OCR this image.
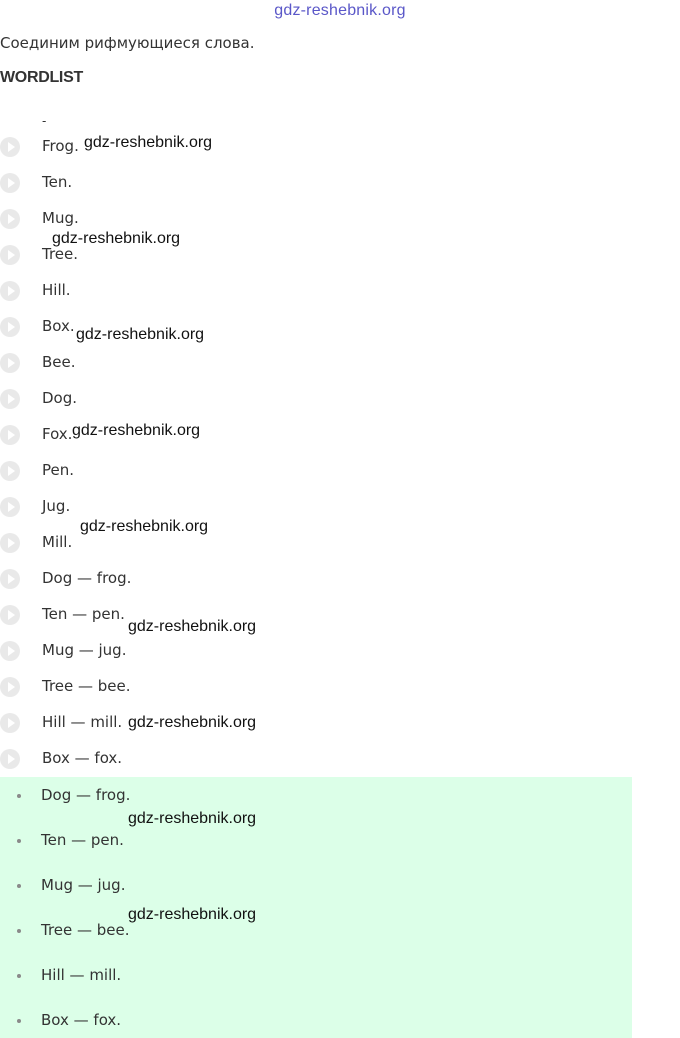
gdz-reshebnik.org
Соединим рифмующиеся слова.
WORDLIST
-
Frog.
Ten.
Mug.
Tree.
Hill.
Box.
Bee.
Dog.
Fox.
Pen.
Jug.
Mill.
Dog — frog.
Ten — pen.
Mug — jug.
Tree — bee.
Hill — mill.
Box — fox.
Dog — frog.
Ten — pen.
Mug — jug.
Tree — bee.
Hill — mill.
Box — fox.
gdz-reshebnik.org
gdz-reshebnik.org
gdz-reshebnik.org
gdz-reshebnik.org
gdz-reshebnik.org
gdz-reshebnik.org
gdz-reshebnik.org
gdz-reshebnik.org
gdz-reshebnik.org
